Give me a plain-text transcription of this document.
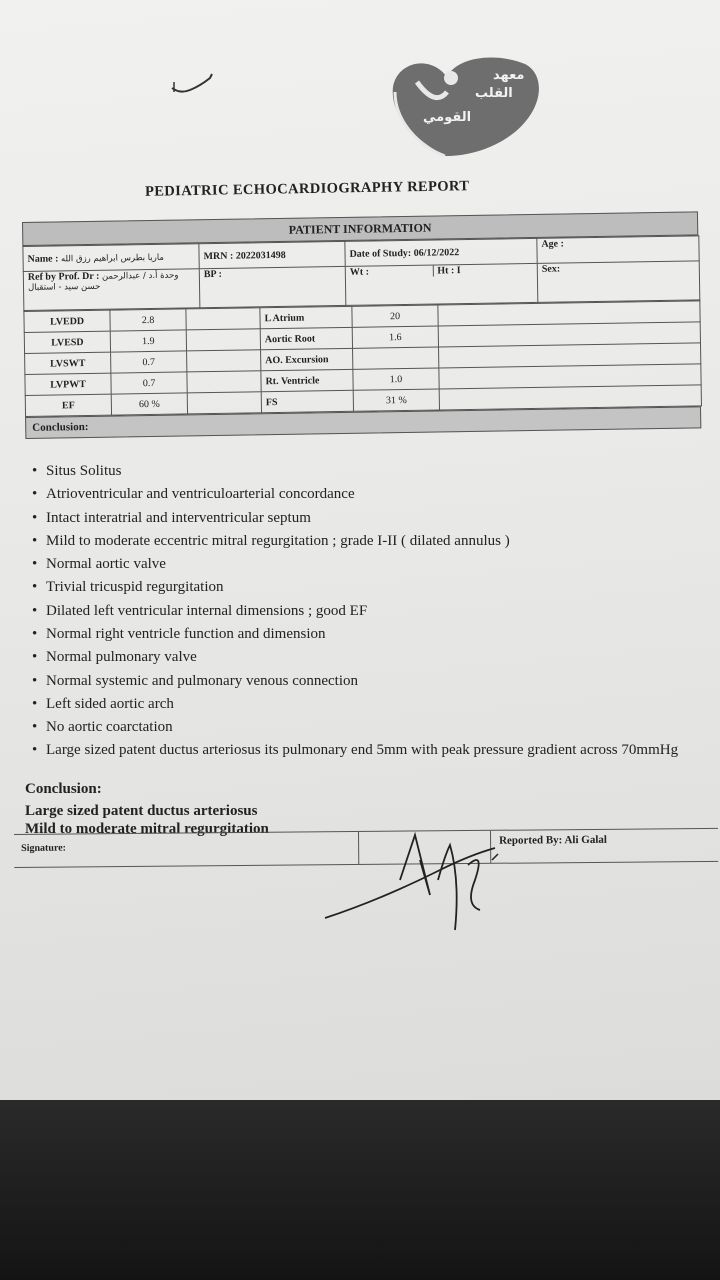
معهد
القلب
القومي
PEDIATRIC ECHOCARDIOGRAPHY REPORT
PATIENT INFORMATION
Name : ماريا بطرس ابراهيم رزق الله	MRN : 2022031498	Date of Study: 06/12/2022	Age :

Ref by Prof. Dr : وحدة أ.د / عبدالرحمن
حسن سيد - استقبال	BP :	Wt : Ht : I	Sex:
LVEDD	2.8		L Atrium	20	
LVESD	1.9		Aortic Root	1.6	
LVSWT	0.7		AO. Excursion		
LVPWT	0.7		Rt. Ventricle	1.0	
EF	60 %		FS	31 %	
Conclusion:
• Situs Solitus
• Atrioventricular and ventriculoarterial concordance
• Intact interatrial and interventricular septum
• Mild to moderate eccentric mitral regurgitation ; grade I-II ( dilated annulus )
• Normal aortic valve
• Trivial tricuspid regurgitation
• Dilated left ventricular internal dimensions ; good EF
• Normal right ventricle function and dimension
• Normal pulmonary valve
• Normal systemic and pulmonary venous connection
• Left sided aortic arch
• No aortic coarctation
• Large sized patent ductus arteriosus its pulmonary end 5mm with peak pressure gradient across 70mmHg
Conclusion:
Large sized patent ductus arteriosus
Mild to moderate mitral regurgitation
Signature:
Reported By: Ali Galal
